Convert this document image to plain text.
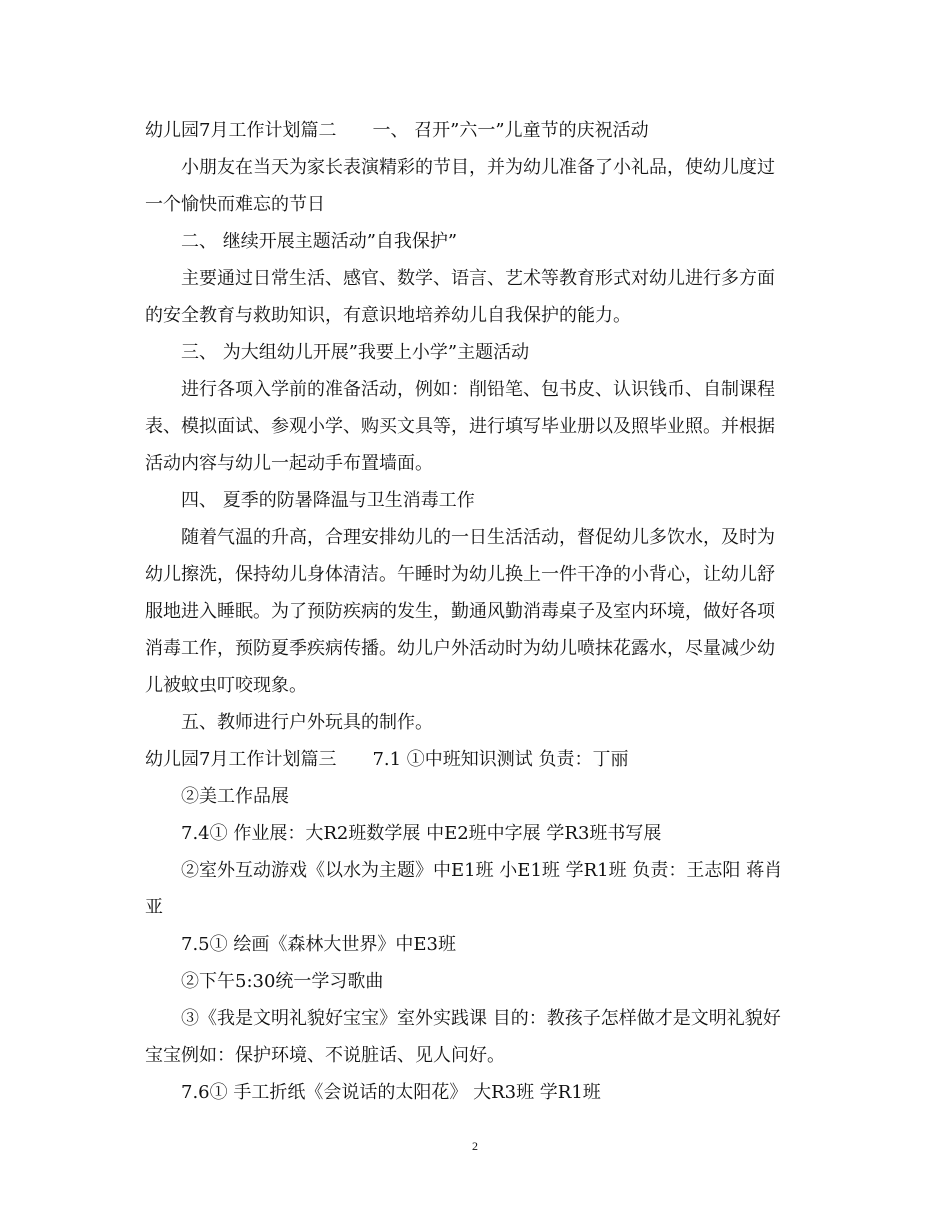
幼儿园7月工作计划篇二　　一、 召开”六一”儿童节的庆祝活动
小朋友在当天为家长表演精彩的节目，并为幼儿准备了小礼品，使幼儿度过
一个愉快而难忘的节日
二、 继续开展主题活动”自我保护”
主要通过日常生活、感官、数学、语言、艺术等教育形式对幼儿进行多方面
的安全教育与救助知识，有意识地培养幼儿自我保护的能力。
三、 为大组幼儿开展”我要上小学”主题活动
进行各项入学前的准备活动，例如：削铅笔、包书皮、认识钱币、自制课程
表、模拟面试、参观小学、购买文具等，进行填写毕业册以及照毕业照。并根据
活动内容与幼儿一起动手布置墙面。
四、 夏季的防暑降温与卫生消毒工作
随着气温的升高，合理安排幼儿的一日生活活动，督促幼儿多饮水，及时为
幼儿擦洗，保持幼儿身体清洁。午睡时为幼儿换上一件干净的小背心，让幼儿舒
服地进入睡眠。为了预防疾病的发生，勤通风勤消毒桌子及室内环境，做好各项
消毒工作，预防夏季疾病传播。幼儿户外活动时为幼儿喷抹花露水，尽量减少幼
儿被蚊虫叮咬现象。
五、教师进行户外玩具的制作。
幼儿园7月工作计划篇三　　7.1 ①中班知识测试 负责：丁丽
②美工作品展
7.4① 作业展：大R2班数学展 中E2班中字展 学R3班书写展
②室外互动游戏《以水为主题》中E1班 小E1班 学R1班 负责：王志阳 蒋肖
亚
7.5① 绘画《森林大世界》中E3班
②下午5:30统一学习歌曲
③《我是文明礼貌好宝宝》室外实践课 目的：教孩子怎样做才是文明礼貌好
宝宝例如：保护环境、不说脏话、见人问好。
7.6① 手工折纸《会说话的太阳花》 大R3班 学R1班
2
